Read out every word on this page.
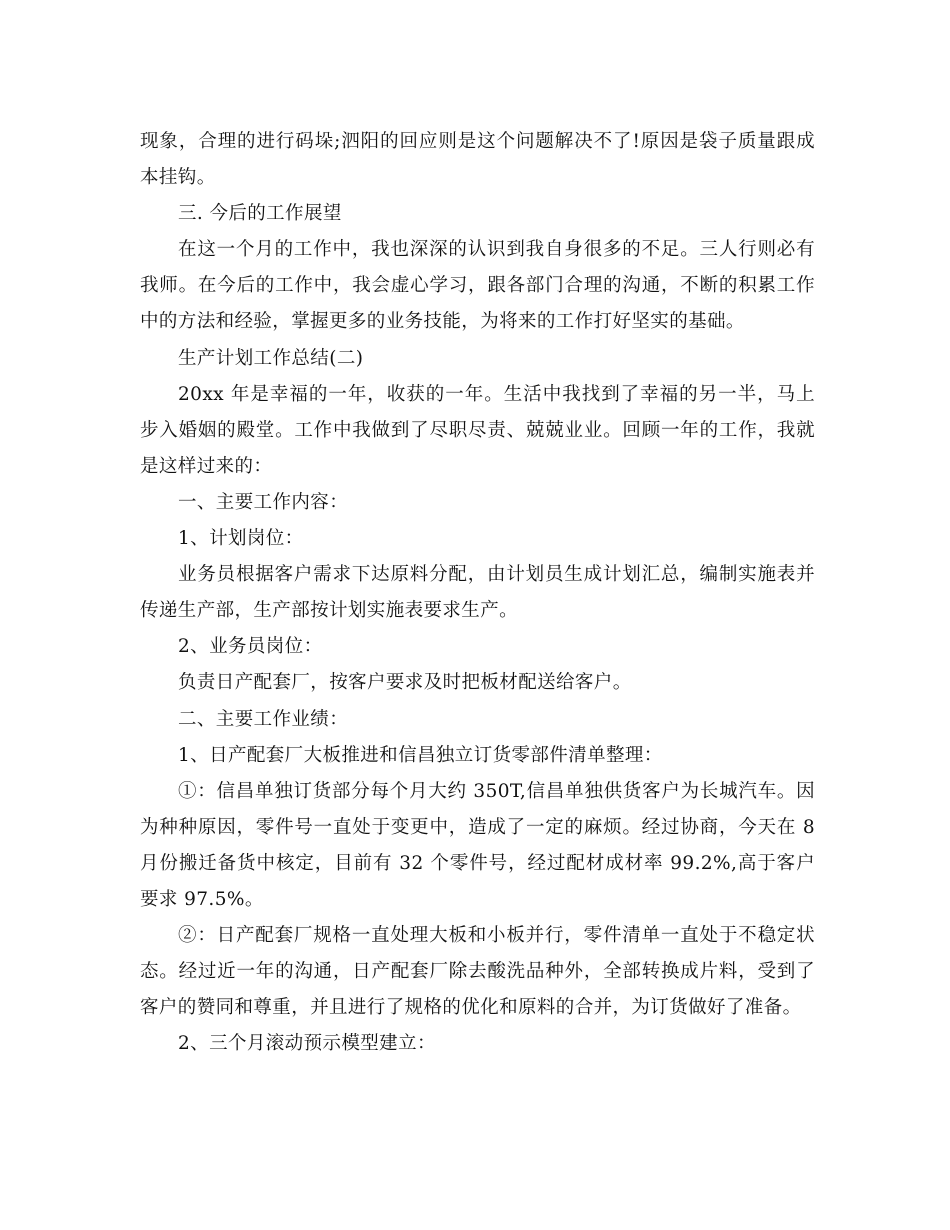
现象，合理的进行码垛;泗阳的回应则是这个问题解决不了!原因是袋子质量跟成本挂钩。

三. 今后的工作展望

在这一个月的工作中，我也深深的认识到我自身很多的不足。三人行则必有我师。在今后的工作中，我会虚心学习，跟各部门合理的沟通，不断的积累工作中的方法和经验，掌握更多的业务技能，为将来的工作打好坚实的基础。

生产计划工作总结(二)

20xx 年是幸福的一年，收获的一年。生活中我找到了幸福的另一半，马上步入婚姻的殿堂。工作中我做到了尽职尽责、兢兢业业。回顾一年的工作，我就是这样过来的：

一、主要工作内容：

1、计划岗位：

业务员根据客户需求下达原料分配，由计划员生成计划汇总，编制实施表并传递生产部，生产部按计划实施表要求生产。

2、业务员岗位：

负责日产配套厂，按客户要求及时把板材配送给客户。

二、主要工作业绩：

1、日产配套厂大板推进和信昌独立订货零部件清单整理：

①：信昌单独订货部分每个月大约 350T,信昌单独供货客户为长城汽车。因为种种原因，零件号一直处于变更中，造成了一定的麻烦。经过协商，今天在 8 月份搬迁备货中核定，目前有 32 个零件号，经过配材成材率 99.2%,高于客户要求 97.5%。

②：日产配套厂规格一直处理大板和小板并行，零件清单一直处于不稳定状态。经过近一年的沟通，日产配套厂除去酸洗品种外，全部转换成片料，受到了客户的赞同和尊重，并且进行了规格的优化和原料的合并，为订货做好了准备。

2、三个月滚动预示模型建立：
